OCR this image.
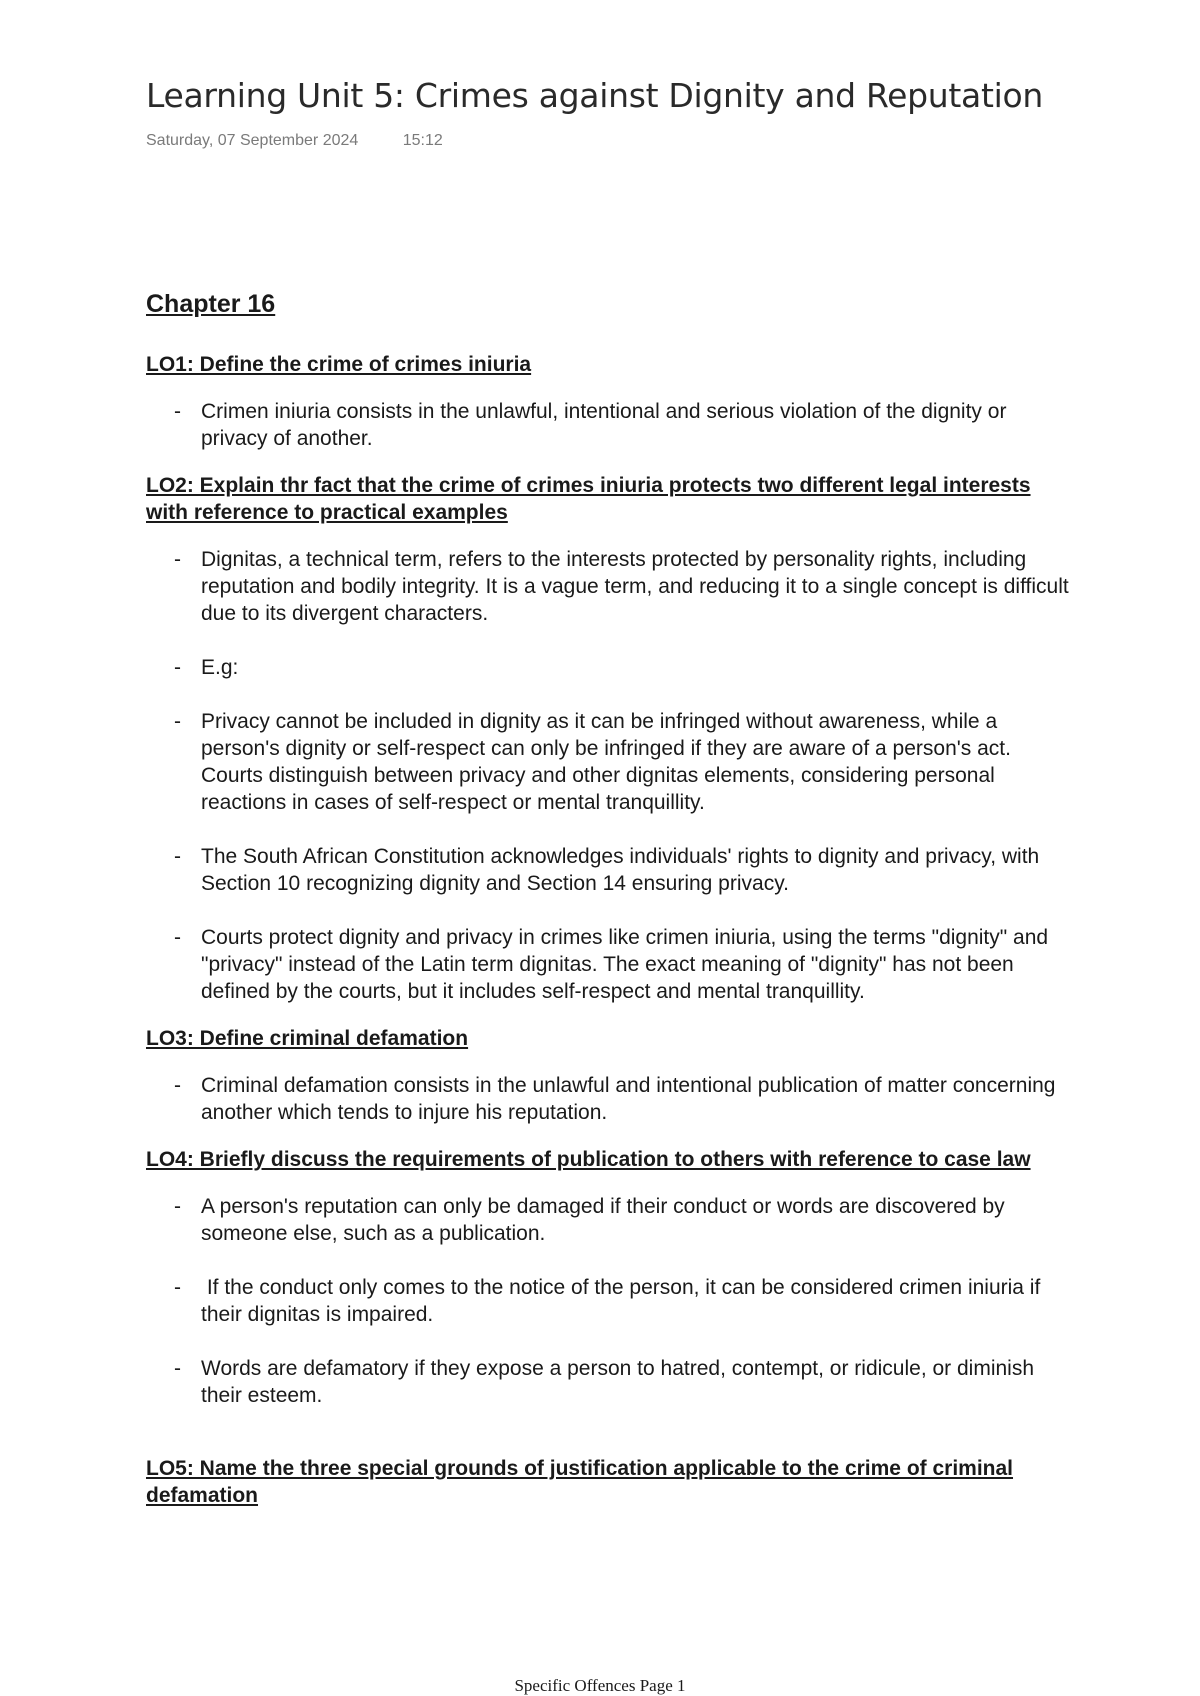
Learning Unit 5: Crimes against Dignity and Reputation
Saturday, 07 September 2024	15:12
Chapter 16
LO1: Define the crime of crimes iniuria
- Crimen iniuria consists in the unlawful, intentional and serious violation of the dignity or privacy of another.
LO2: Explain thr fact that the crime of crimes iniuria protects two different legal interests with reference to practical examples
- Dignitas, a technical term, refers to the interests protected by personality rights, including reputation and bodily integrity. It is a vague term, and reducing it to a single concept is difficult due to its divergent characters.
- E.g:
- Privacy cannot be included in dignity as it can be infringed without awareness, while a person's dignity or self-respect can only be infringed if they are aware of a person's act. Courts distinguish between privacy and other dignitas elements, considering personal reactions in cases of self-respect or mental tranquillity.
- The South African Constitution acknowledges individuals' rights to dignity and privacy, with Section 10 recognizing dignity and Section 14 ensuring privacy.
- Courts protect dignity and privacy in crimes like crimen iniuria, using the terms "dignity" and "privacy" instead of the Latin term dignitas. The exact meaning of "dignity" has not been defined by the courts, but it includes self-respect and mental tranquillity.
LO3: Define criminal defamation
- Criminal defamation consists in the unlawful and intentional publication of matter concerning another which tends to injure his reputation.
LO4: Briefly discuss the requirements of publication to others with reference to case law
- A person's reputation can only be damaged if their conduct or words are discovered by someone else, such as a publication.
- If the conduct only comes to the notice of the person, it can be considered crimen iniuria if their dignitas is impaired.
- Words are defamatory if they expose a person to hatred, contempt, or ridicule, or diminish their esteem.
LO5: Name the three special grounds of justification applicable to the crime of criminal defamation
Specific Offences Page 1
